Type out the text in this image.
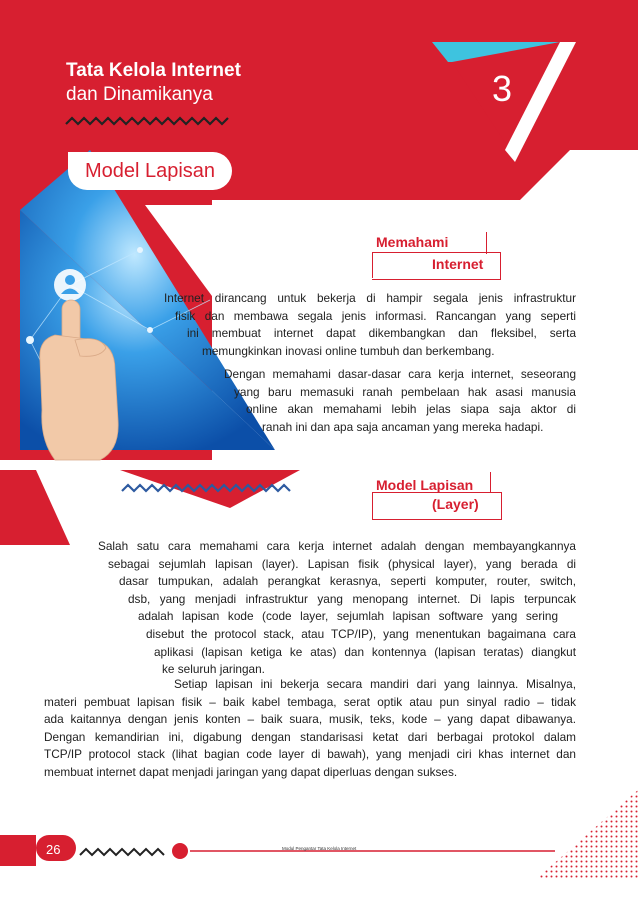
Tata Kelola Internet
dan Dinamikanya	3
Model Lapisan
Memahami
Internet
Internet dirancang untuk bekerja di hampir segala jenis infrastruktur
fisik dan membawa segala jenis informasi. Rancangan yang seperti
ini membuat internet dapat dikembangkan dan fleksibel, serta
memungkinkan inovasi online tumbuh dan berkembang.
Dengan memahami dasar-dasar cara kerja internet, seseorang
yang baru memasuki ranah pembelaan hak asasi manusia
online akan memahami lebih jelas siapa saja aktor di
ranah ini dan apa saja ancaman yang mereka hadapi.
Model Lapisan
(Layer)
Salah satu cara memahami cara kerja internet adalah dengan membayangkannya
sebagai sejumlah lapisan (layer). Lapisan fisik (physical layer), yang berada di
dasar tumpukan, adalah perangkat kerasnya, seperti komputer, router, switch,
dsb, yang menjadi infrastruktur yang menopang internet. Di lapis terpuncak
adalah lapisan kode (code layer, sejumlah lapisan software yang sering
disebut the protocol stack, atau TCP/IP), yang menentukan bagaimana cara
aplikasi (lapisan ketiga ke atas) dan kontennya (lapisan teratas) diangkut
ke seluruh jaringan.
Setiap lapisan ini bekerja secara mandiri dari yang lainnya. Misalnya,
materi pembuat lapisan fisik – baik kabel tembaga, serat optik atau pun sinyal radio – tidak
ada kaitannya dengan jenis konten – baik suara, musik, teks, kode – yang dapat dibawanya.
Dengan kemandirian ini, digabung dengan standarisasi ketat dari berbagai protokol dalam
TCP/IP protocol stack (lihat bagian code layer di bawah), yang menjadi ciri khas internet dan
membuat internet dapat menjadi jaringan yang dapat diperluas dengan sukses.
26	Modul Pengantar Tata Kelola Internet
